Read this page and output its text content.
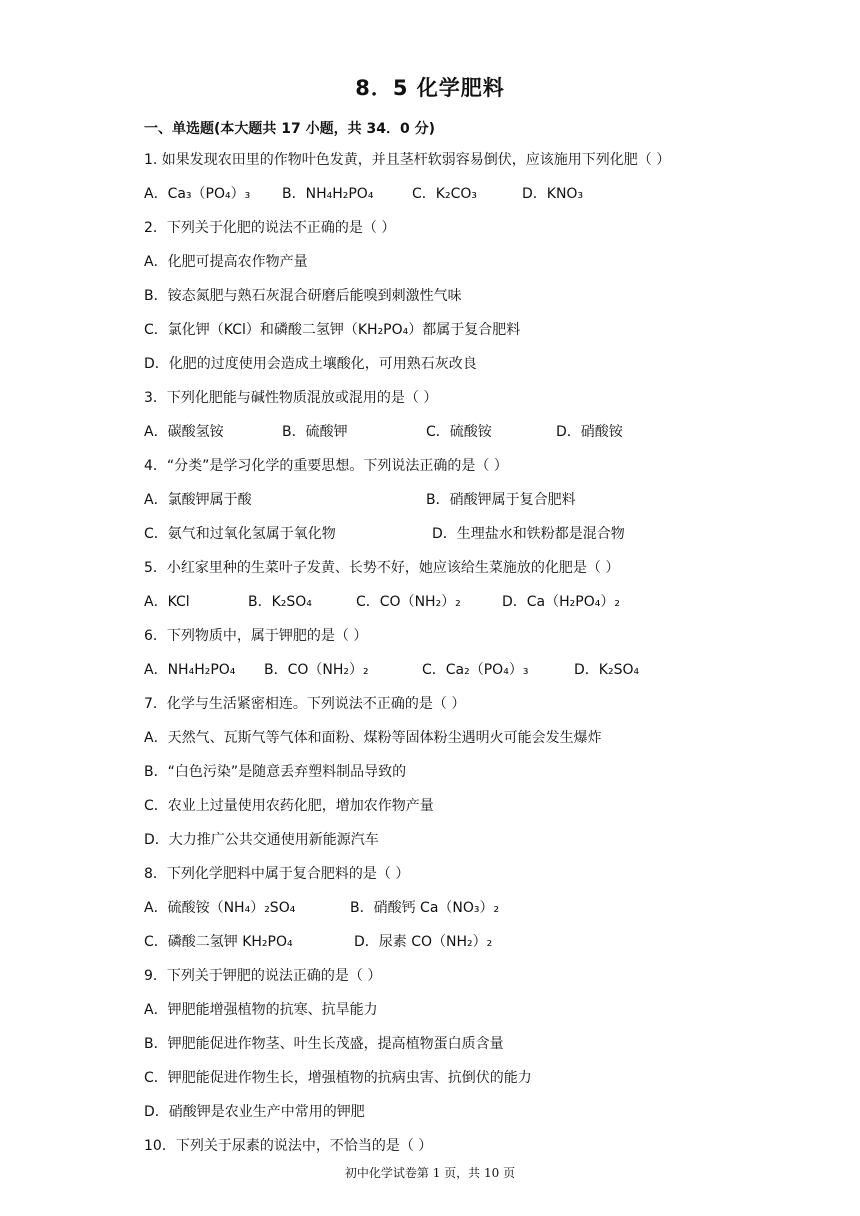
8．5 化学肥料
一、单选题(本大题共 17 小题，共 34．0 分)
1. 如果发现农田里的作物叶色发黄，并且茎杆软弱容易倒伏，应该施用下列化肥（ ）
A．Ca₃（PO₄）₃ B．NH₄H₂PO₄	C．K₂CO₃	D．KNO₃
2．下列关于化肥的说法不正确的是（ ）
A．化肥可提高农作物产量
B．铵态氮肥与熟石灰混合研磨后能嗅到刺激性气味
C．氯化钾（KCl）和磷酸二氢钾（KH₂PO₄）都属于复合肥料
D．化肥的过度使用会造成土壤酸化，可用熟石灰改良
3．下列化肥能与碱性物质混放或混用的是（ ）
A．碳酸氢铵	B．硫酸钾	C．硫酸铵	D．硝酸铵
4．“分类”是学习化学的重要思想。下列说法正确的是（ ）
A．氯酸钾属于酸	B．硝酸钾属于复合肥料
C．氨气和过氧化氢属于氧化物	D．生理盐水和铁粉都是混合物
5．小红家里种的生菜叶子发黄、长势不好，她应该给生菜施放的化肥是（ ）
A．KCl	B．K₂SO₄	C．CO（NH₂）₂	D．Ca（H₂PO₄）₂
6．下列物质中，属于钾肥的是（ ）
A．NH₄H₂PO₄ B．CO（NH₂）₂	C．Ca₂（PO₄）₃	D．K₂SO₄
7．化学与生活紧密相连。下列说法不正确的是（ ）
A．天然气、瓦斯气等气体和面粉、煤粉等固体粉尘遇明火可能会发生爆炸
B．“白色污染”是随意丢弃塑料制品导致的
C．农业上过量使用农药化肥，增加农作物产量
D．大力推广公共交通使用新能源汽车
8．下列化学肥料中属于复合肥料的是（ ）
A．硫酸铵（NH₄）₂SO₄	B．硝酸钙 Ca（NO₃）₂
C．磷酸二氢钾 KH₂PO₄	D．尿素 CO（NH₂）₂
9．下列关于钾肥的说法正确的是（ ）
A．钾肥能增强植物的抗寒、抗旱能力
B．钾肥能促进作物茎、叶生长茂盛，提高植物蛋白质含量
C．钾肥能促进作物生长，增强植物的抗病虫害、抗倒伏的能力
D．硝酸钾是农业生产中常用的钾肥
10．下列关于尿素的说法中，不恰当的是（ ）
初中化学试卷第 1 页，共 10 页
